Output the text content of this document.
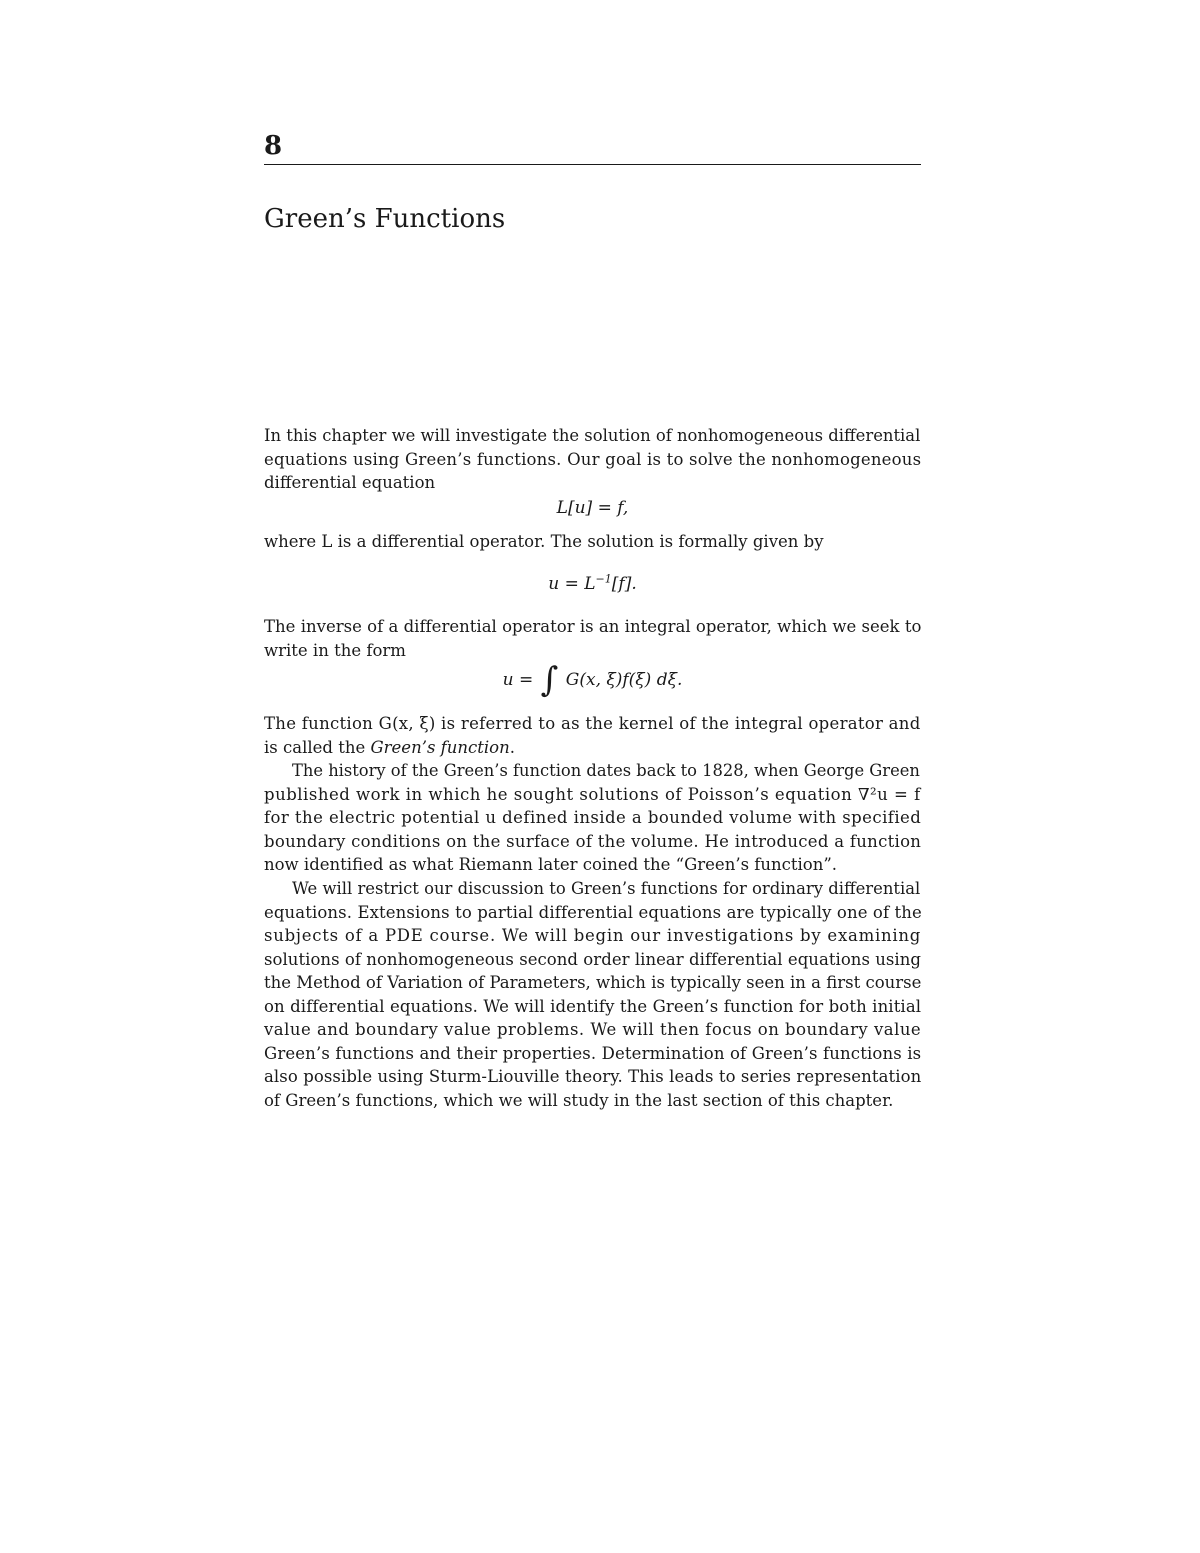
8
Green’s Functions
In this chapter we will investigate the solution of nonhomogeneous differential
equations using Green’s functions. Our goal is to solve the nonhomogeneous
differential equation
L[u] = f,
where L is a differential operator. The solution is formally given by
$u = L^{-1}[f]$.
The inverse of a differential operator is an integral operator, which we seek to
write in the form
u = ∫ G(x, ξ)f(ξ) dξ.
The function G(x, ξ) is referred to as the kernel of the integral operator and
is called the Green’s function.
The history of the Green’s function dates back to 1828, when George Green
published work in which he sought solutions of Poisson’s equation ∇²u = f
for the electric potential u defined inside a bounded volume with specified
boundary conditions on the surface of the volume. He introduced a function
now identified as what Riemann later coined the “Green’s function”.
We will restrict our discussion to Green’s functions for ordinary differential
equations. Extensions to partial differential equations are typically one of the
subjects of a PDE course. We will begin our investigations by examining
solutions of nonhomogeneous second order linear differential equations using
the Method of Variation of Parameters, which is typically seen in a first course
on differential equations. We will identify the Green’s function for both initial
value and boundary value problems. We will then focus on boundary value
Green’s functions and their properties. Determination of Green’s functions is
also possible using Sturm-Liouville theory. This leads to series representation
of Green’s functions, which we will study in the last section of this chapter.
